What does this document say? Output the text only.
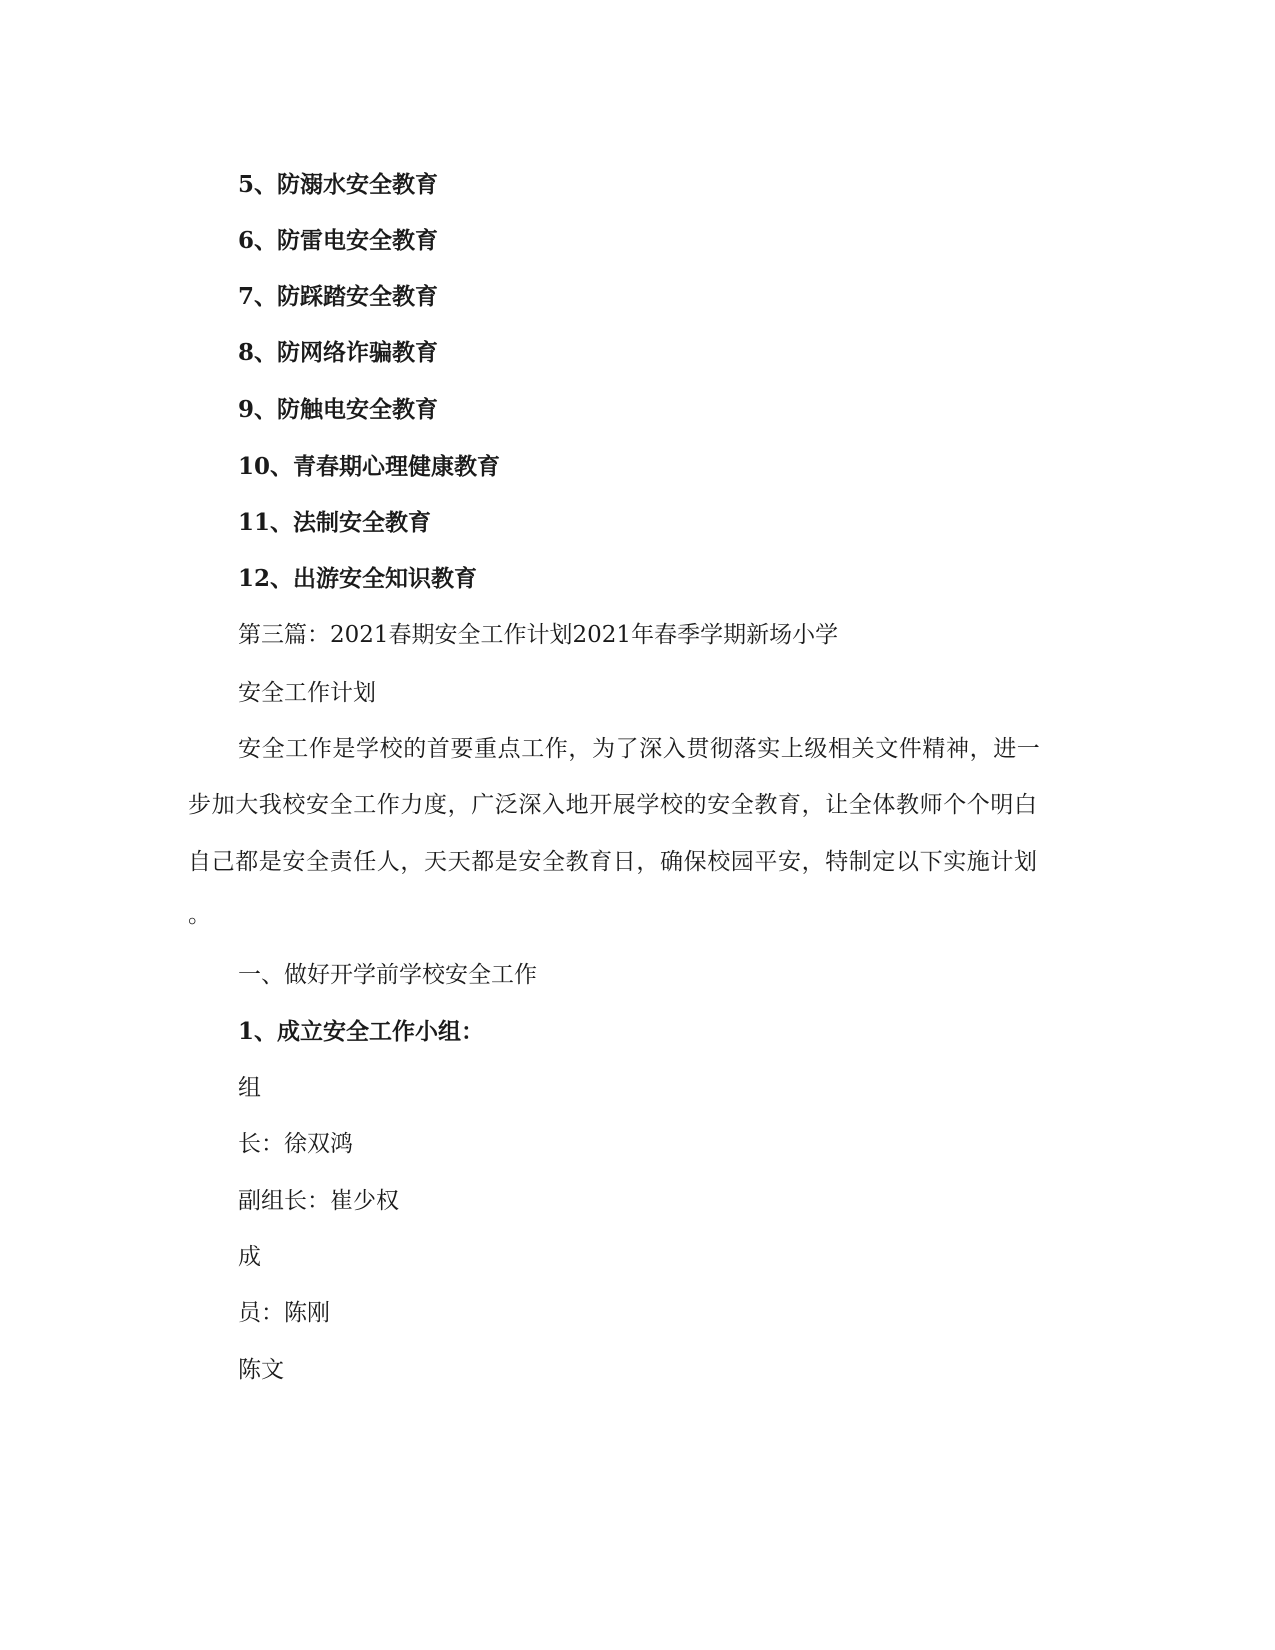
5、防溺水安全教育
6、防雷电安全教育
7、防踩踏安全教育
8、防网络诈骗教育
9、防触电安全教育
10、青春期心理健康教育
11、法制安全教育
12、出游安全知识教育
第三篇：2021春期安全工作计划2021年春季学期新场小学
安全工作计划
安全工作是学校的首要重点工作，为了深入贯彻落实上级相关文件精神，进一
步加大我校安全工作力度，广泛深入地开展学校的安全教育，让全体教师个个明白
自己都是安全责任人，天天都是安全教育日，确保校园平安，特制定以下实施计划
。
一、做好开学前学校安全工作
1、成立安全工作小组：
组
长：徐双鸿
副组长：崔少权
成
员：陈刚
陈文
